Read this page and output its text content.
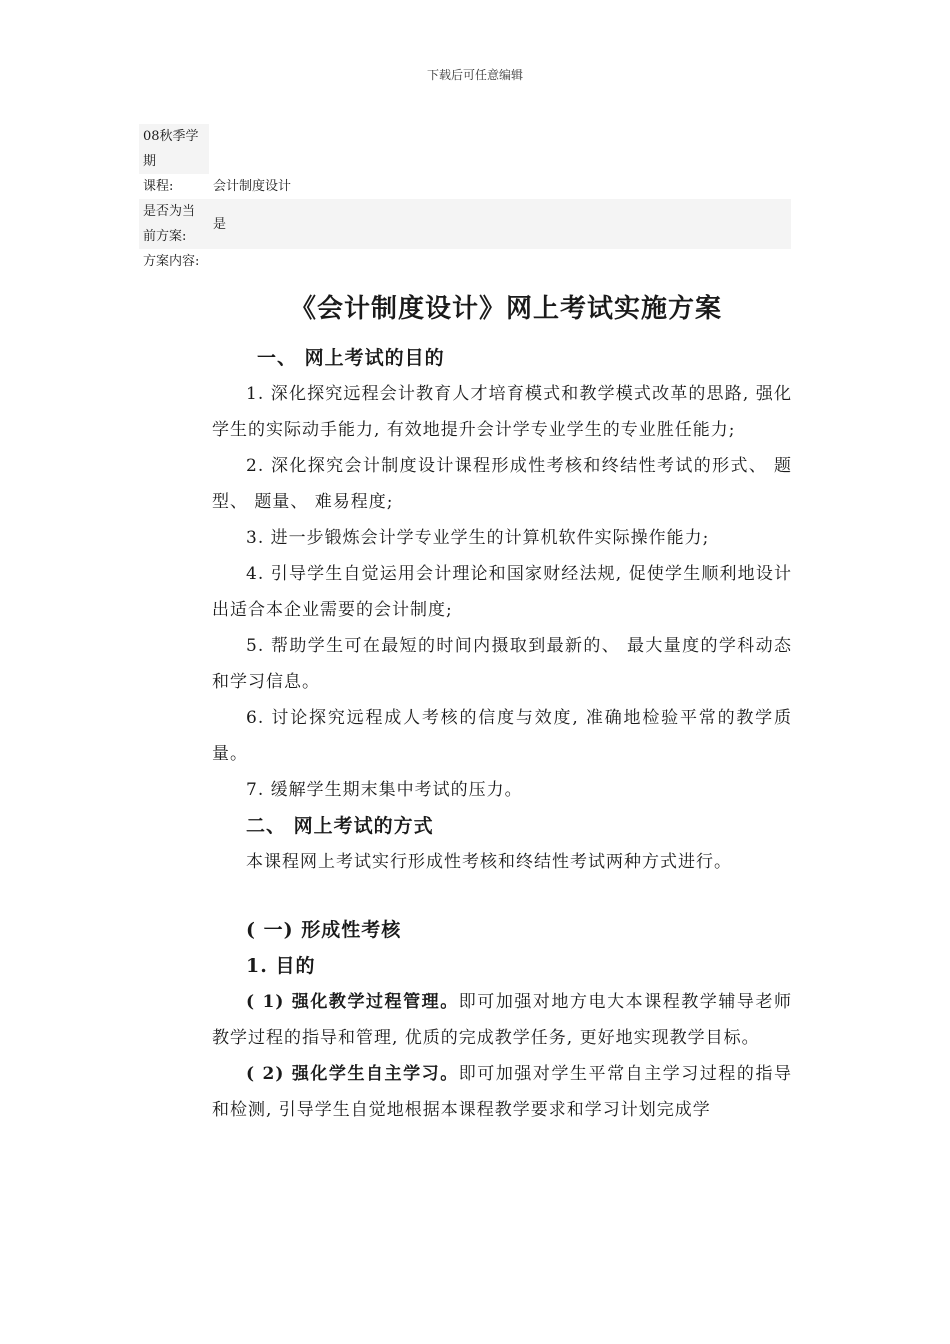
下载后可任意编辑
08秋季学期	
课程:	会计制度设计
是否为当前方案:	是
方案内容:	
《会计制度设计》网上考试实施方案

一、 网上考试的目的

1. 深化探究远程会计教育人才培育模式和教学模式改革的思路, 强化学生的实际动手能力, 有效地提升会计学专业学生的专业胜任能力;

2. 深化探究会计制度设计课程形成性考核和终结性考试的形式、 题型、 题量、 难易程度;

3. 进一步锻炼会计学专业学生的计算机软件实际操作能力;

4. 引导学生自觉运用会计理论和国家财经法规, 促使学生顺利地设计出适合本企业需要的会计制度;

5. 帮助学生可在最短的时间内摄取到最新的、 最大量度的学科动态和学习信息。

6. 讨论探究远程成人考核的信度与效度, 准确地检验平常的教学质量。

7. 缓解学生期末集中考试的压力。

二、 网上考试的方式

本课程网上考试实行形成性考核和终结性考试两种方式进行。

( 一) 形成性考核

1. 目的

( 1) 强化教学过程管理。即可加强对地方电大本课程教学辅导老师教学过程的指导和管理, 优质的完成教学任务, 更好地实现教学目标。

( 2) 强化学生自主学习。即可加强对学生平常自主学习过程的指导和检测, 引导学生自觉地根据本课程教学要求和学习计划完成学
